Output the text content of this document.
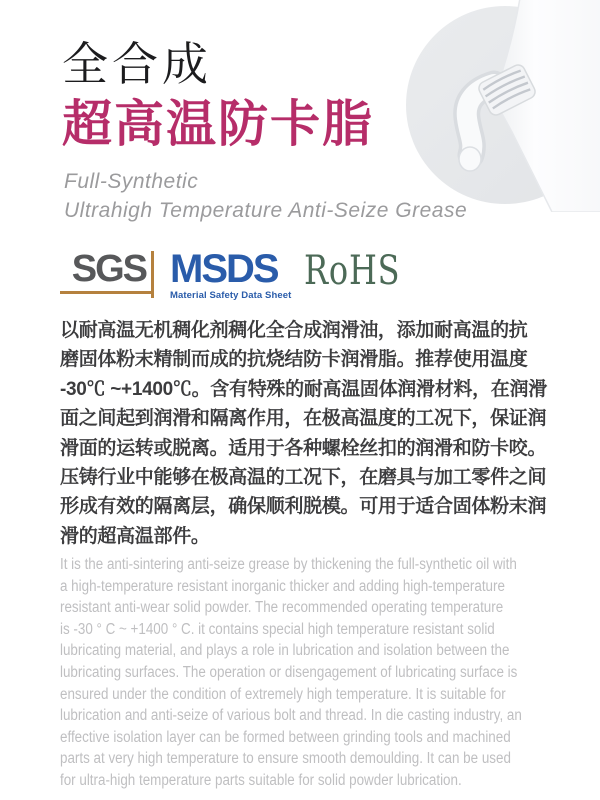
全合成
超高温防卡脂
Full-Synthetic
Ultrahigh Temperature Anti-Seize Grease
SGS MSDS
Material Safety Data Sheet
RoHS
以耐高温无机稠化剂稠化全合成润滑油，添加耐高温的抗
磨固体粉末精制而成的抗烧结防卡润滑脂。推荐使用温度
-30℃ ~+1400℃。含有特殊的耐高温固体润滑材料，在润滑
面之间起到润滑和隔离作用，在极高温度的工况下，保证润
滑面的运转或脱离。适用于各种螺栓丝扣的润滑和防卡咬。
压铸行业中能够在极高温的工况下，在磨具与加工零件之间
形成有效的隔离层，确保顺利脱模。可用于适合固体粉末润
滑的超高温部件。
It is the anti-sintering anti-seize grease by thickening the full-synthetic oil with
a high-temperature resistant inorganic thicker and adding high-temperature
resistant anti-wear solid powder. The recommended operating temperature
is -30 ° C ~ +1400 ° C. it contains special high temperature resistant solid
lubricating material, and plays a role in lubrication and isolation between the
lubricating surfaces. The operation or disengagement of lubricating surface is
ensured under the condition of extremely high temperature. It is suitable for
lubrication and anti-seize of various bolt and thread. In die casting industry, an
effective isolation layer can be formed between grinding tools and machined
parts at very high temperature to ensure smooth demoulding. It can be used
for ultra-high temperature parts suitable for solid powder lubrication.
